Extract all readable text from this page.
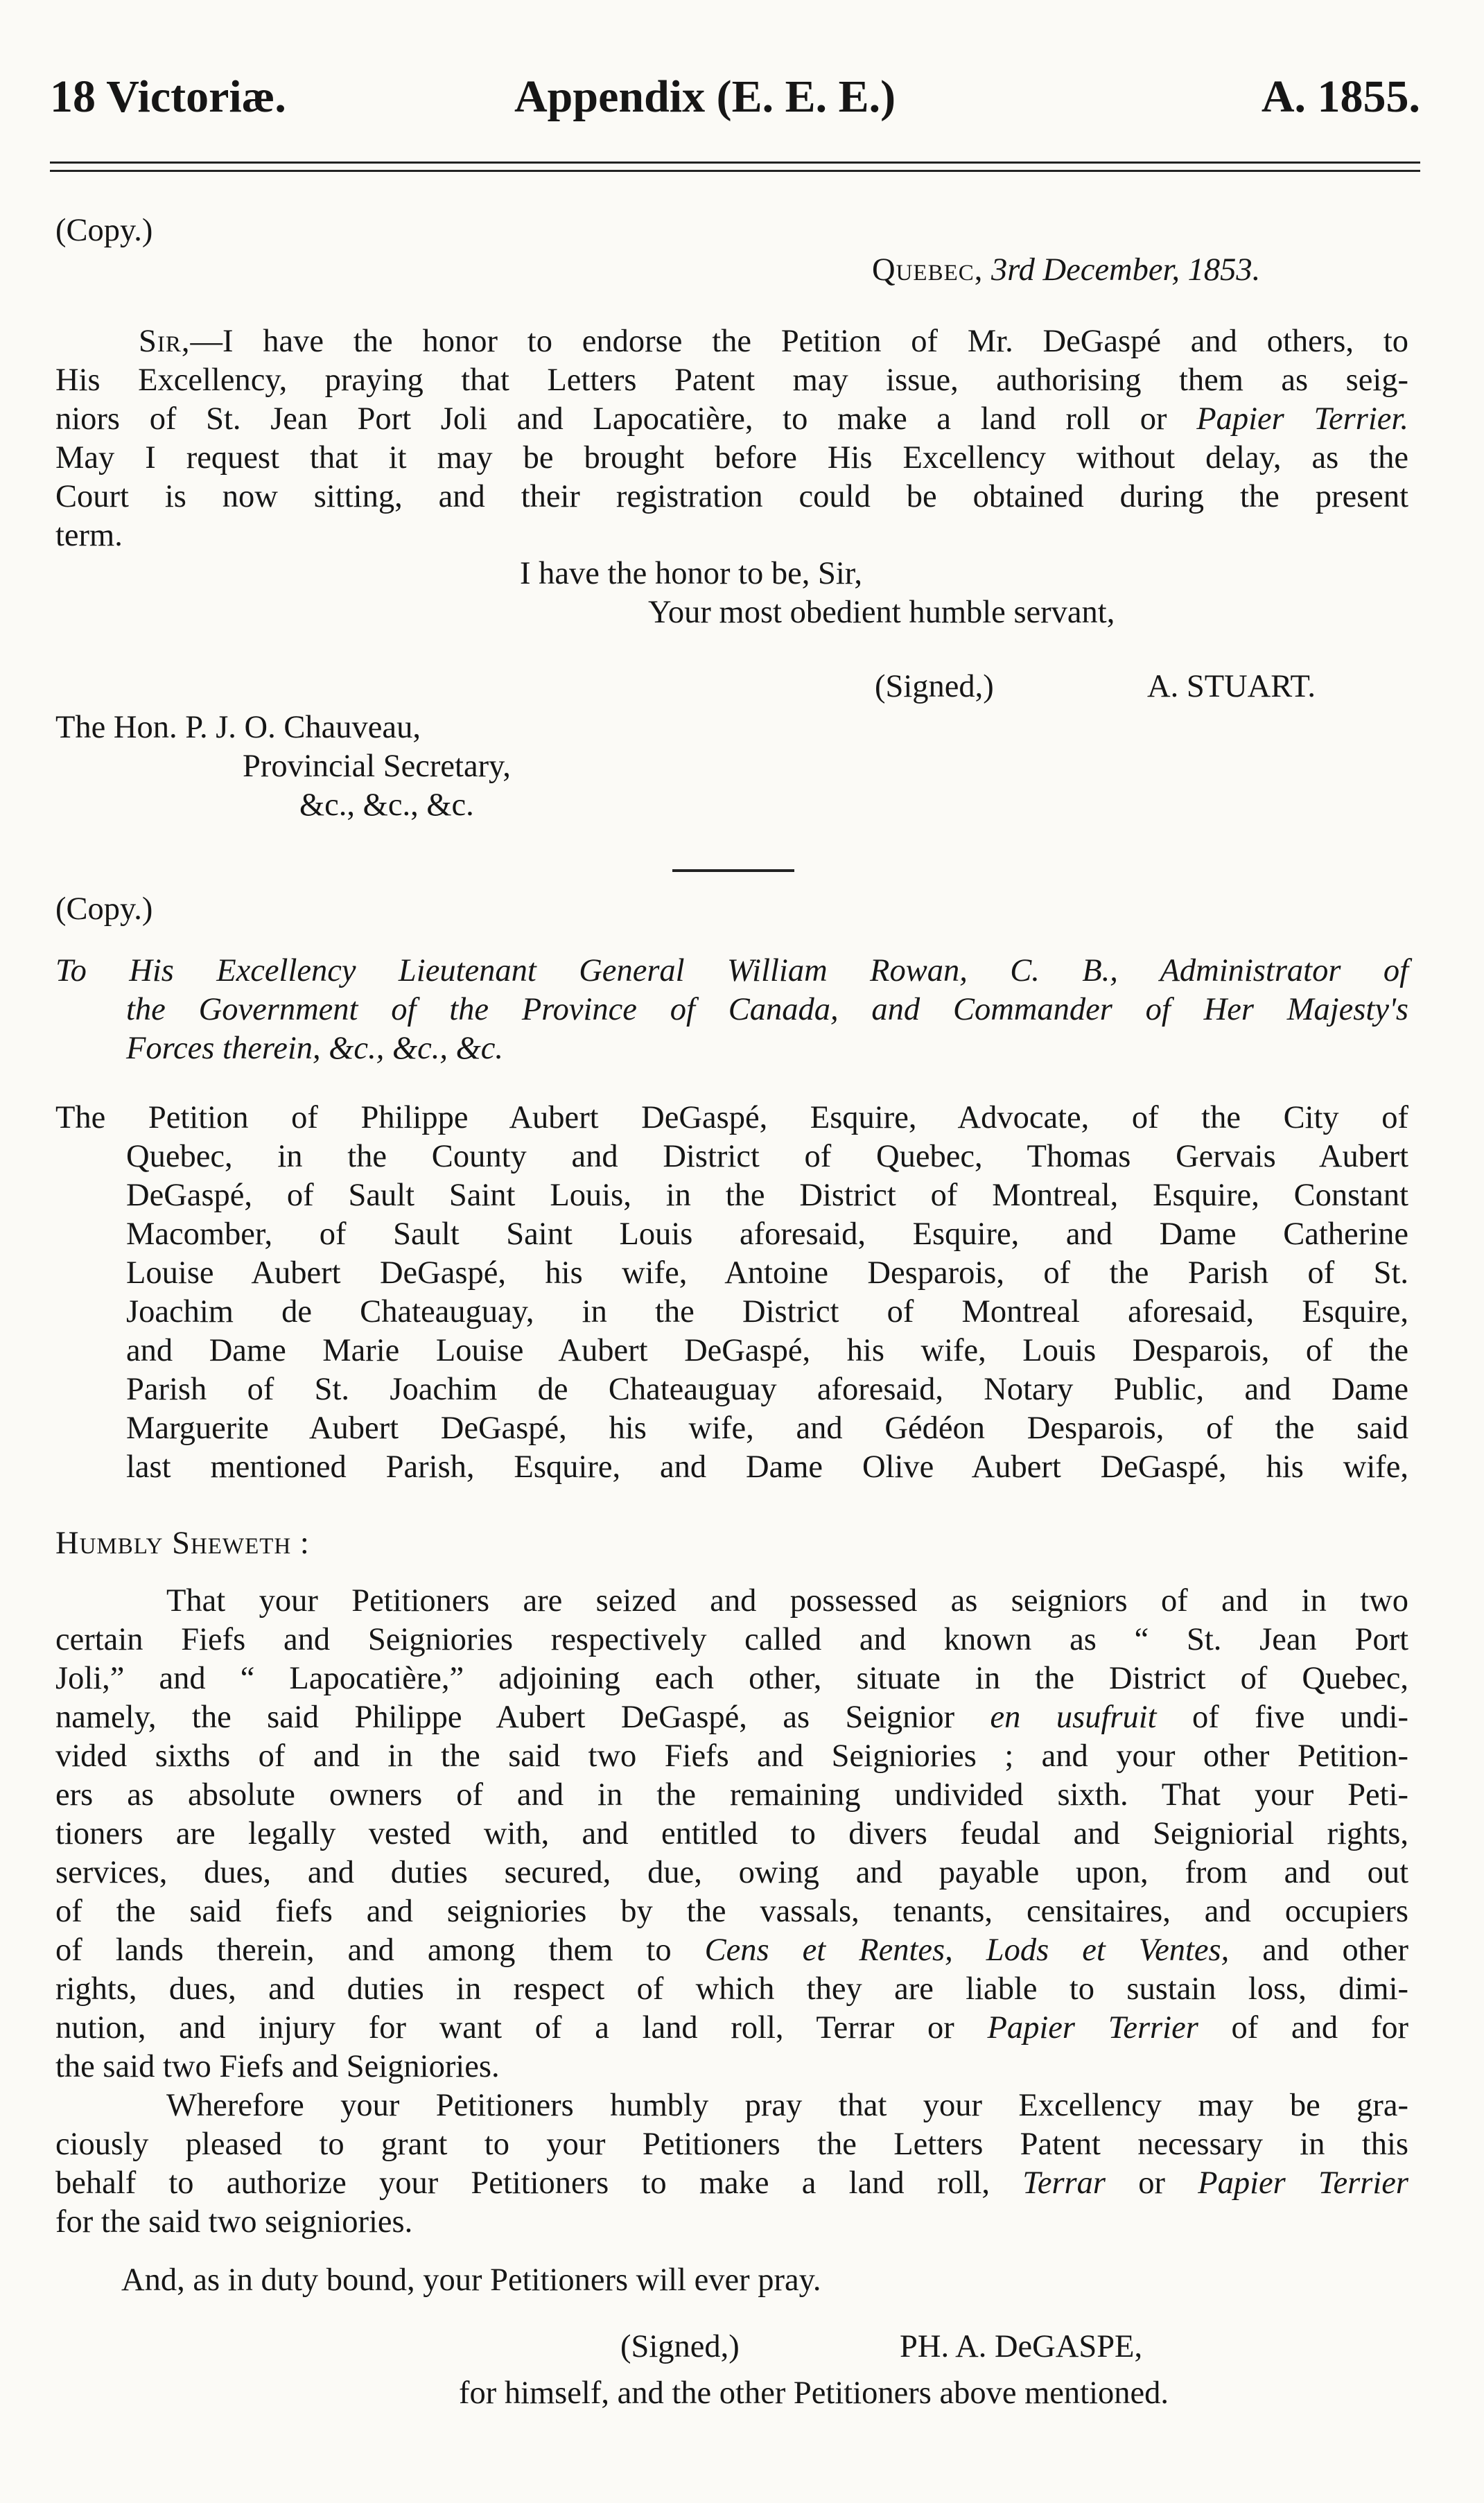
18 Victoriæ.	Appendix (E. E. E.)	A. 1855.
(Copy.)
Quebec, 3rd December, 1853.
Sir,—I have the honor to endorse the Petition of Mr. DeGaspé and others, to
His Excellency, praying that Letters Patent may issue, authorising them as seig-
niors of St. Jean Port Joli and Lapocatière, to make a land roll or Papier Terrier.
May I request that it may be brought before His Excellency without delay, as the
Court is now sitting, and their registration could be obtained during the present
term.
I have the honor to be, Sir,
Your most obedient humble servant,
(Signed,)	A. STUART.
The Hon. P. J. O. Chauveau,
Provincial Secretary,
&c., &c., &c.
(Copy.)
To His Excellency Lieutenant General William Rowan, C. B., Administrator of
the Government of the Province of Canada, and Commander of Her Majesty's
Forces therein, &c., &c., &c.
The Petition of Philippe Aubert DeGaspé, Esquire, Advocate, of the City of
Quebec, in the County and District of Quebec, Thomas Gervais Aubert
DeGaspé, of Sault Saint Louis, in the District of Montreal, Esquire, Constant
Macomber, of Sault Saint Louis aforesaid, Esquire, and Dame Catherine
Louise Aubert DeGaspé, his wife, Antoine Desparois, of the Parish of St.
Joachim de Chateauguay, in the District of Montreal aforesaid, Esquire,
and Dame Marie Louise Aubert DeGaspé, his wife, Louis Desparois, of the
Parish of St. Joachim de Chateauguay aforesaid, Notary Public, and Dame
Marguerite Aubert DeGaspé, his wife, and Gédéon Desparois, of the said
last mentioned Parish, Esquire, and Dame Olive Aubert DeGaspé, his wife,
Humbly Sheweth :
That your Petitioners are seized and possessed as seigniors of and in two
certain Fiefs and Seigniories respectively called and known as “ St. Jean Port
Joli,” and “ Lapocatière,” adjoining each other, situate in the District of Quebec,
namely, the said Philippe Aubert DeGaspé, as Seignior en usufruit of five undi-
vided sixths of and in the said two Fiefs and Seigniories ; and your other Petition-
ers as absolute owners of and in the remaining undivided sixth. That your Peti-
tioners are legally vested with, and entitled to divers feudal and Seigniorial rights,
services, dues, and duties secured, due, owing and payable upon, from and out
of the said fiefs and seigniories by the vassals, tenants, censitaires, and occupiers
of lands therein, and among them to Cens et Rentes, Lods et Ventes, and other
rights, dues, and duties in respect of which they are liable to sustain loss, dimi-
nution, and injury for want of a land roll, Terrar or Papier Terrier of and for
the said two Fiefs and Seigniories.
Wherefore your Petitioners humbly pray that your Excellency may be gra-
ciously pleased to grant to your Petitioners the Letters Patent necessary in this
behalf to authorize your Petitioners to make a land roll, Terrar or Papier Terrier
for the said two seigniories.
And, as in duty bound, your Petitioners will ever pray.
(Signed,)	PH. A. DeGASPE,
for himself, and the other Petitioners above mentioned.
